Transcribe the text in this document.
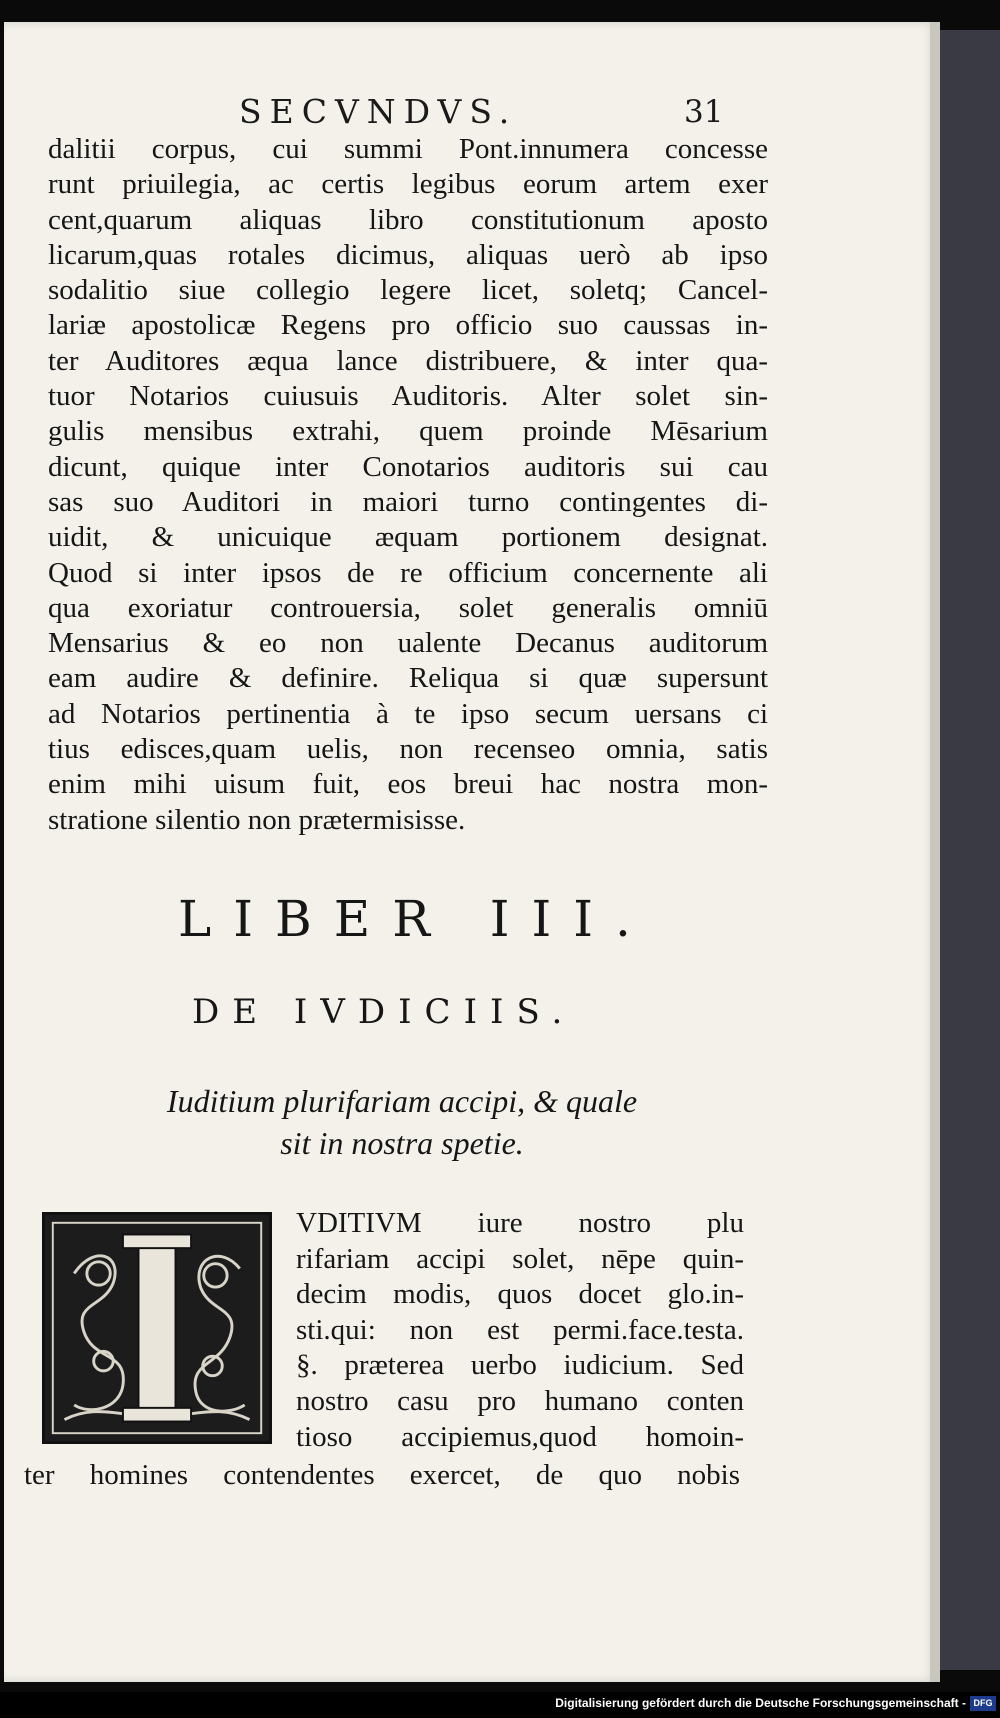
SECVNDVS.	31
dalitii corpus, cui summi Pont.innumera concesse
runt priuilegia, ac certis legibus eorum artem exer
cent,quarum aliquas libro constitutionum aposto
licarum,quas rotales dicimus, aliquas uerò ab ipso
sodalitio siue collegio legere licet, soletq; Cancel-
lariæ apostolicæ Regens pro officio suo caussas in-
ter Auditores æqua lance distribuere, & inter qua-
tuor Notarios cuiusuis Auditoris. Alter solet sin-
gulis mensibus extrahi, quem proinde Mēsarium
dicunt, quique inter Conotarios auditoris sui cau
sas suo Auditori in maiori turno contingentes di-
uidit, & unicuique æquam portionem designat.
Quod si inter ipsos de re officium concernente ali
qua exoriatur controuersia, solet generalis omniū
Mensarius & eo non ualente Decanus auditorum
eam audire & definire. Reliqua si quæ supersunt
ad Notarios pertinentia à te ipso secum uersans ci
tius edisces,quam uelis, non recenseo omnia, satis
enim mihi uisum fuit, eos breui hac nostra mon-
stratione silentio non prætermisisse.
LIBER III.
DE IVDICIIS.
Iuditium plurifariam accipi, & quale
sit in nostra spetie.
VDITIVM iure nostro plu
rifariam accipi solet, nēpe quin-
decim modis, quos docet glo.in-
sti.qui: non est permi.face.testa.
§. præterea uerbo iudicium. Sed
nostro casu pro humano conten
tioso accipiemus,quod homoin-
ter homines contendentes exercet, de quo nobis
Digitalisierung gefördert durch die Deutsche Forschungsgemeinschaft - DFG
